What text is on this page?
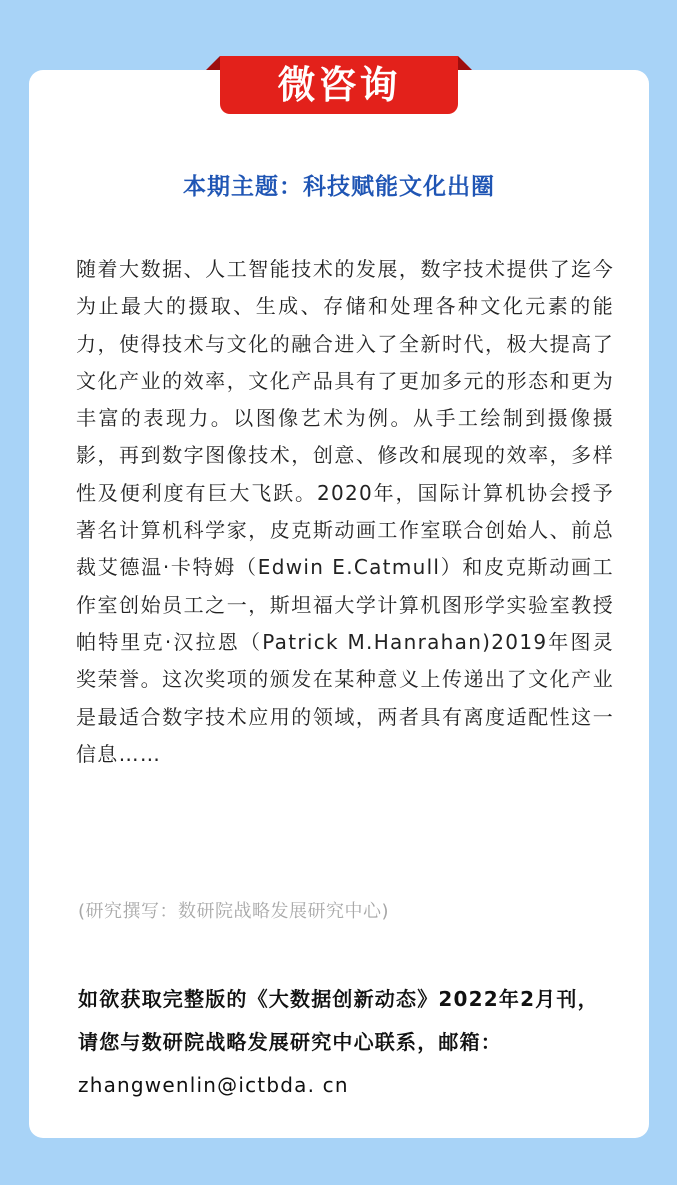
微咨询
本期主题：科技赋能文化出圈

随着大数据、人工智能技术的发展，数字技术提供了迄今为止最大的摄取、生成、存储和处理各种文化元素的能力，使得技术与文化的融合进入了全新时代，极大提高了文化产业的效率，文化产品具有了更加多元的形态和更为丰富的表现力。以图像艺术为例。从手工绘制到摄像摄影，再到数字图像技术，创意、修改和展现的效率，多样性及便利度有巨大飞跃。2020年，国际计算机协会授予著名计算机科学家，皮克斯动画工作室联合创始人、前总裁艾德温·卡特姆（Edwin E.Catmull）和皮克斯动画工作室创始员工之一，斯坦福大学计算机图形学实验室教授帕特里克·汉拉恩（Patrick M.Hanrahan)2019年图灵奖荣誉。这次奖项的颁发在某种意义上传递出了文化产业是最适合数字技术应用的领域，两者具有离度适配性这一信息……

(研究撰写：数研院战略发展研究中心)

如欲获取完整版的《大数据创新动态》2022年2月刊，请您与数研院战略发展研究中心联系，邮箱：
zhangwenlin@ictbda. cn
